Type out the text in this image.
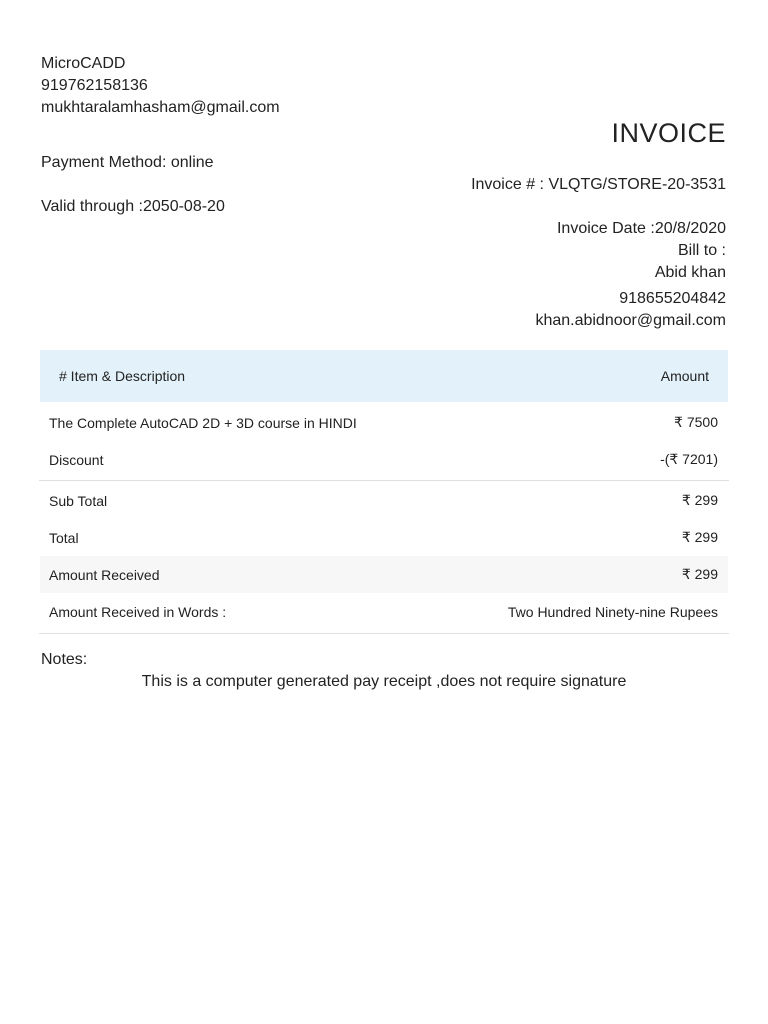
MicroCADD
919762158136
mukhtaralamhasham@gmail.com
INVOICE
Payment Method: online
Valid through :2050-08-20
Invoice # : VLQTG/STORE-20-3531
Invoice Date :20/8/2020
Bill to :
Abid khan
918655204842
khan.abidnoor@gmail.com
# Item & Description	Amount
The Complete AutoCAD 2D + 3D course in HINDI	₹ 7500
Discount	-(₹ 7201)
Sub Total	₹ 299
Total	₹ 299
Amount Received	₹ 299
Amount Received in Words :	Two Hundred Ninety-nine Rupees
Notes:
This is a computer generated pay receipt ,does not require signature
